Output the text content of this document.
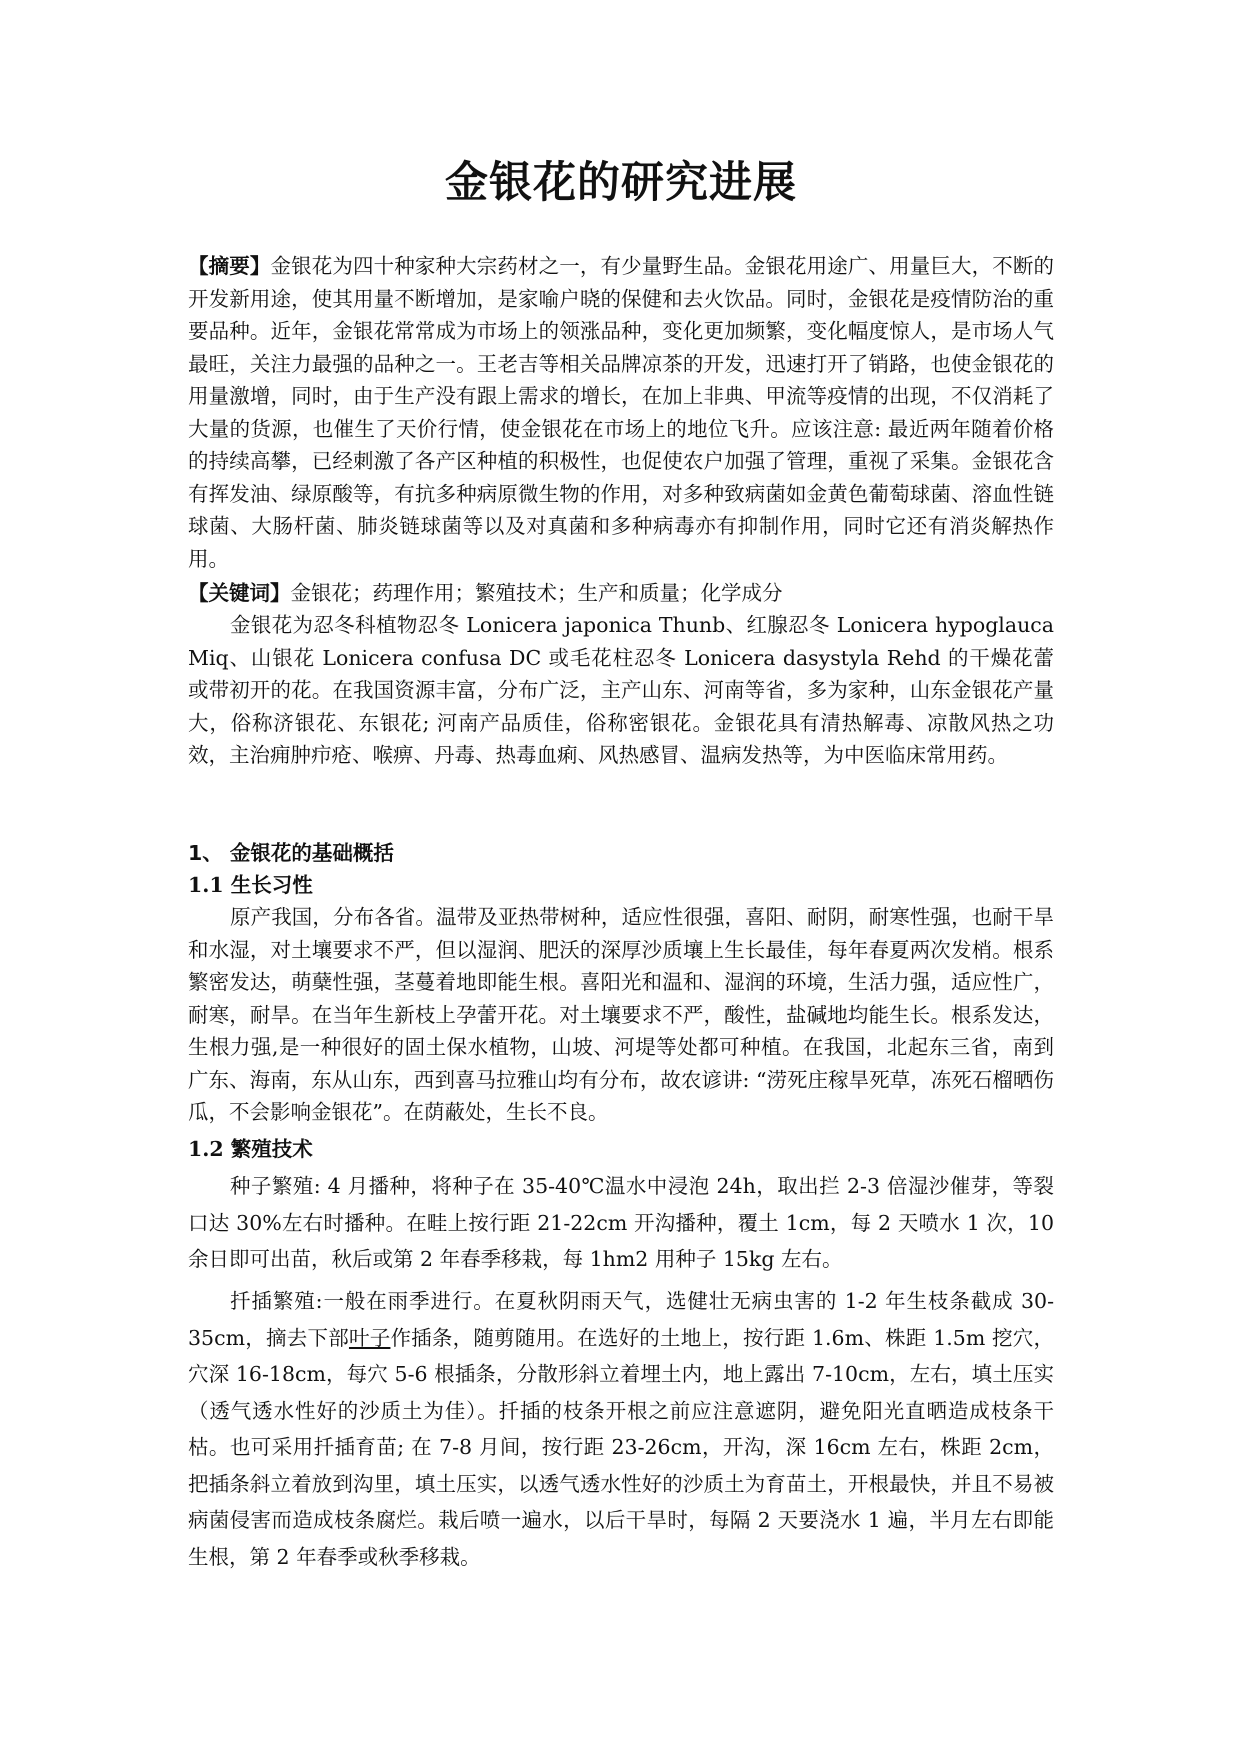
金银花的研究进展

【摘要】金银花为四十种家种大宗药材之一，有少量野生品。金银花用途广、用量巨大，不断的开发新用途，使其用量不断增加，是家喻户晓的保健和去火饮品。同时，金银花是疫情防治的重要品种。近年，金银花常常成为市场上的领涨品种，变化更加频繁，变化幅度惊人，是市场人气最旺，关注力最强的品种之一。王老吉等相关品牌凉茶的开发，迅速打开了销路，也使金银花的用量激增，同时，由于生产没有跟上需求的增长，在加上非典、甲流等疫情的出现，不仅消耗了大量的货源，也催生了天价行情，使金银花在市场上的地位飞升。应该注意: 最近两年随着价格的持续高攀，已经刺激了各产区种植的积极性，也促使农户加强了管理，重视了采集。金银花含有挥发油、绿原酸等，有抗多种病原微生物的作用，对多种致病菌如金黄色葡萄球菌、溶血性链球菌、大肠杆菌、肺炎链球菌等以及对真菌和多种病毒亦有抑制作用，同时它还有消炎解热作用。

【关键词】金银花；药理作用；繁殖技术；生产和质量；化学成分

金银花为忍冬科植物忍冬 Lonicera japonica Thunb、红腺忍冬 Lonicera hypoglauca Miq、山银花 Lonicera confusa DC 或毛花柱忍冬 Lonicera dasystyla Rehd 的干燥花蕾或带初开的花。在我国资源丰富，分布广泛，主产山东、河南等省，多为家种，山东金银花产量大，俗称济银花、东银花; 河南产品质佳，俗称密银花。金银花具有清热解毒、凉散风热之功效，主治痈肿疖疮、喉痹、丹毒、热毒血痢、风热感冒、温病发热等，为中医临床常用药。

1、 金银花的基础概括
1.1 生长习性

原产我国，分布各省。温带及亚热带树种，适应性很强，喜阳、耐阴，耐寒性强，也耐干旱和水湿，对土壤要求不严，但以湿润、肥沃的深厚沙质壤上生长最佳，每年春夏两次发梢。根系繁密发达，萌蘖性强，茎蔓着地即能生根。喜阳光和温和、湿润的环境，生活力强，适应性广，耐寒，耐旱。在当年生新枝上孕蕾开花。对土壤要求不严，酸性，盐碱地均能生长。根系发达，生根力强,是一种很好的固土保水植物，山坡、河堤等处都可种植。在我国，北起东三省，南到广东、海南，东从山东，西到喜马拉雅山均有分布，故农谚讲: “涝死庄稼旱死草，冻死石榴晒伤瓜，不会影响金银花”。在荫蔽处，生长不良。

1.2 繁殖技术

种子繁殖: 4 月播种，将种子在 35-40℃温水中浸泡 24h，取出拦 2-3 倍湿沙催芽，等裂口达 30%左右时播种。在畦上按行距 21-22cm 开沟播种，覆土 1cm，每 2 天喷水 1 次，10 余日即可出苗，秋后或第 2 年春季移栽，每 1hm2 用种子 15kg 左右。

扦插繁殖:一般在雨季进行。在夏秋阴雨天气，选健壮无病虫害的 1-2 年生枝条截成 30-35cm，摘去下部叶子作插条，随剪随用。在选好的土地上，按行距 1.6m、株距 1.5m 挖穴，穴深 16-18cm，每穴 5-6 根插条，分散形斜立着埋土内，地上露出 7-10cm，左右，填土压实（透气透水性好的沙质土为佳）。扦插的枝条开根之前应注意遮阴，避免阳光直晒造成枝条干枯。也可采用扦插育苗; 在 7-8 月间，按行距 23-26cm，开沟，深 16cm 左右，株距 2cm，把插条斜立着放到沟里，填土压实，以透气透水性好的沙质土为育苗土，开根最快，并且不易被病菌侵害而造成枝条腐烂。栽后喷一遍水，以后干旱时，每隔 2 天要浇水 1 遍，半月左右即能生根，第 2 年春季或秋季移栽。
